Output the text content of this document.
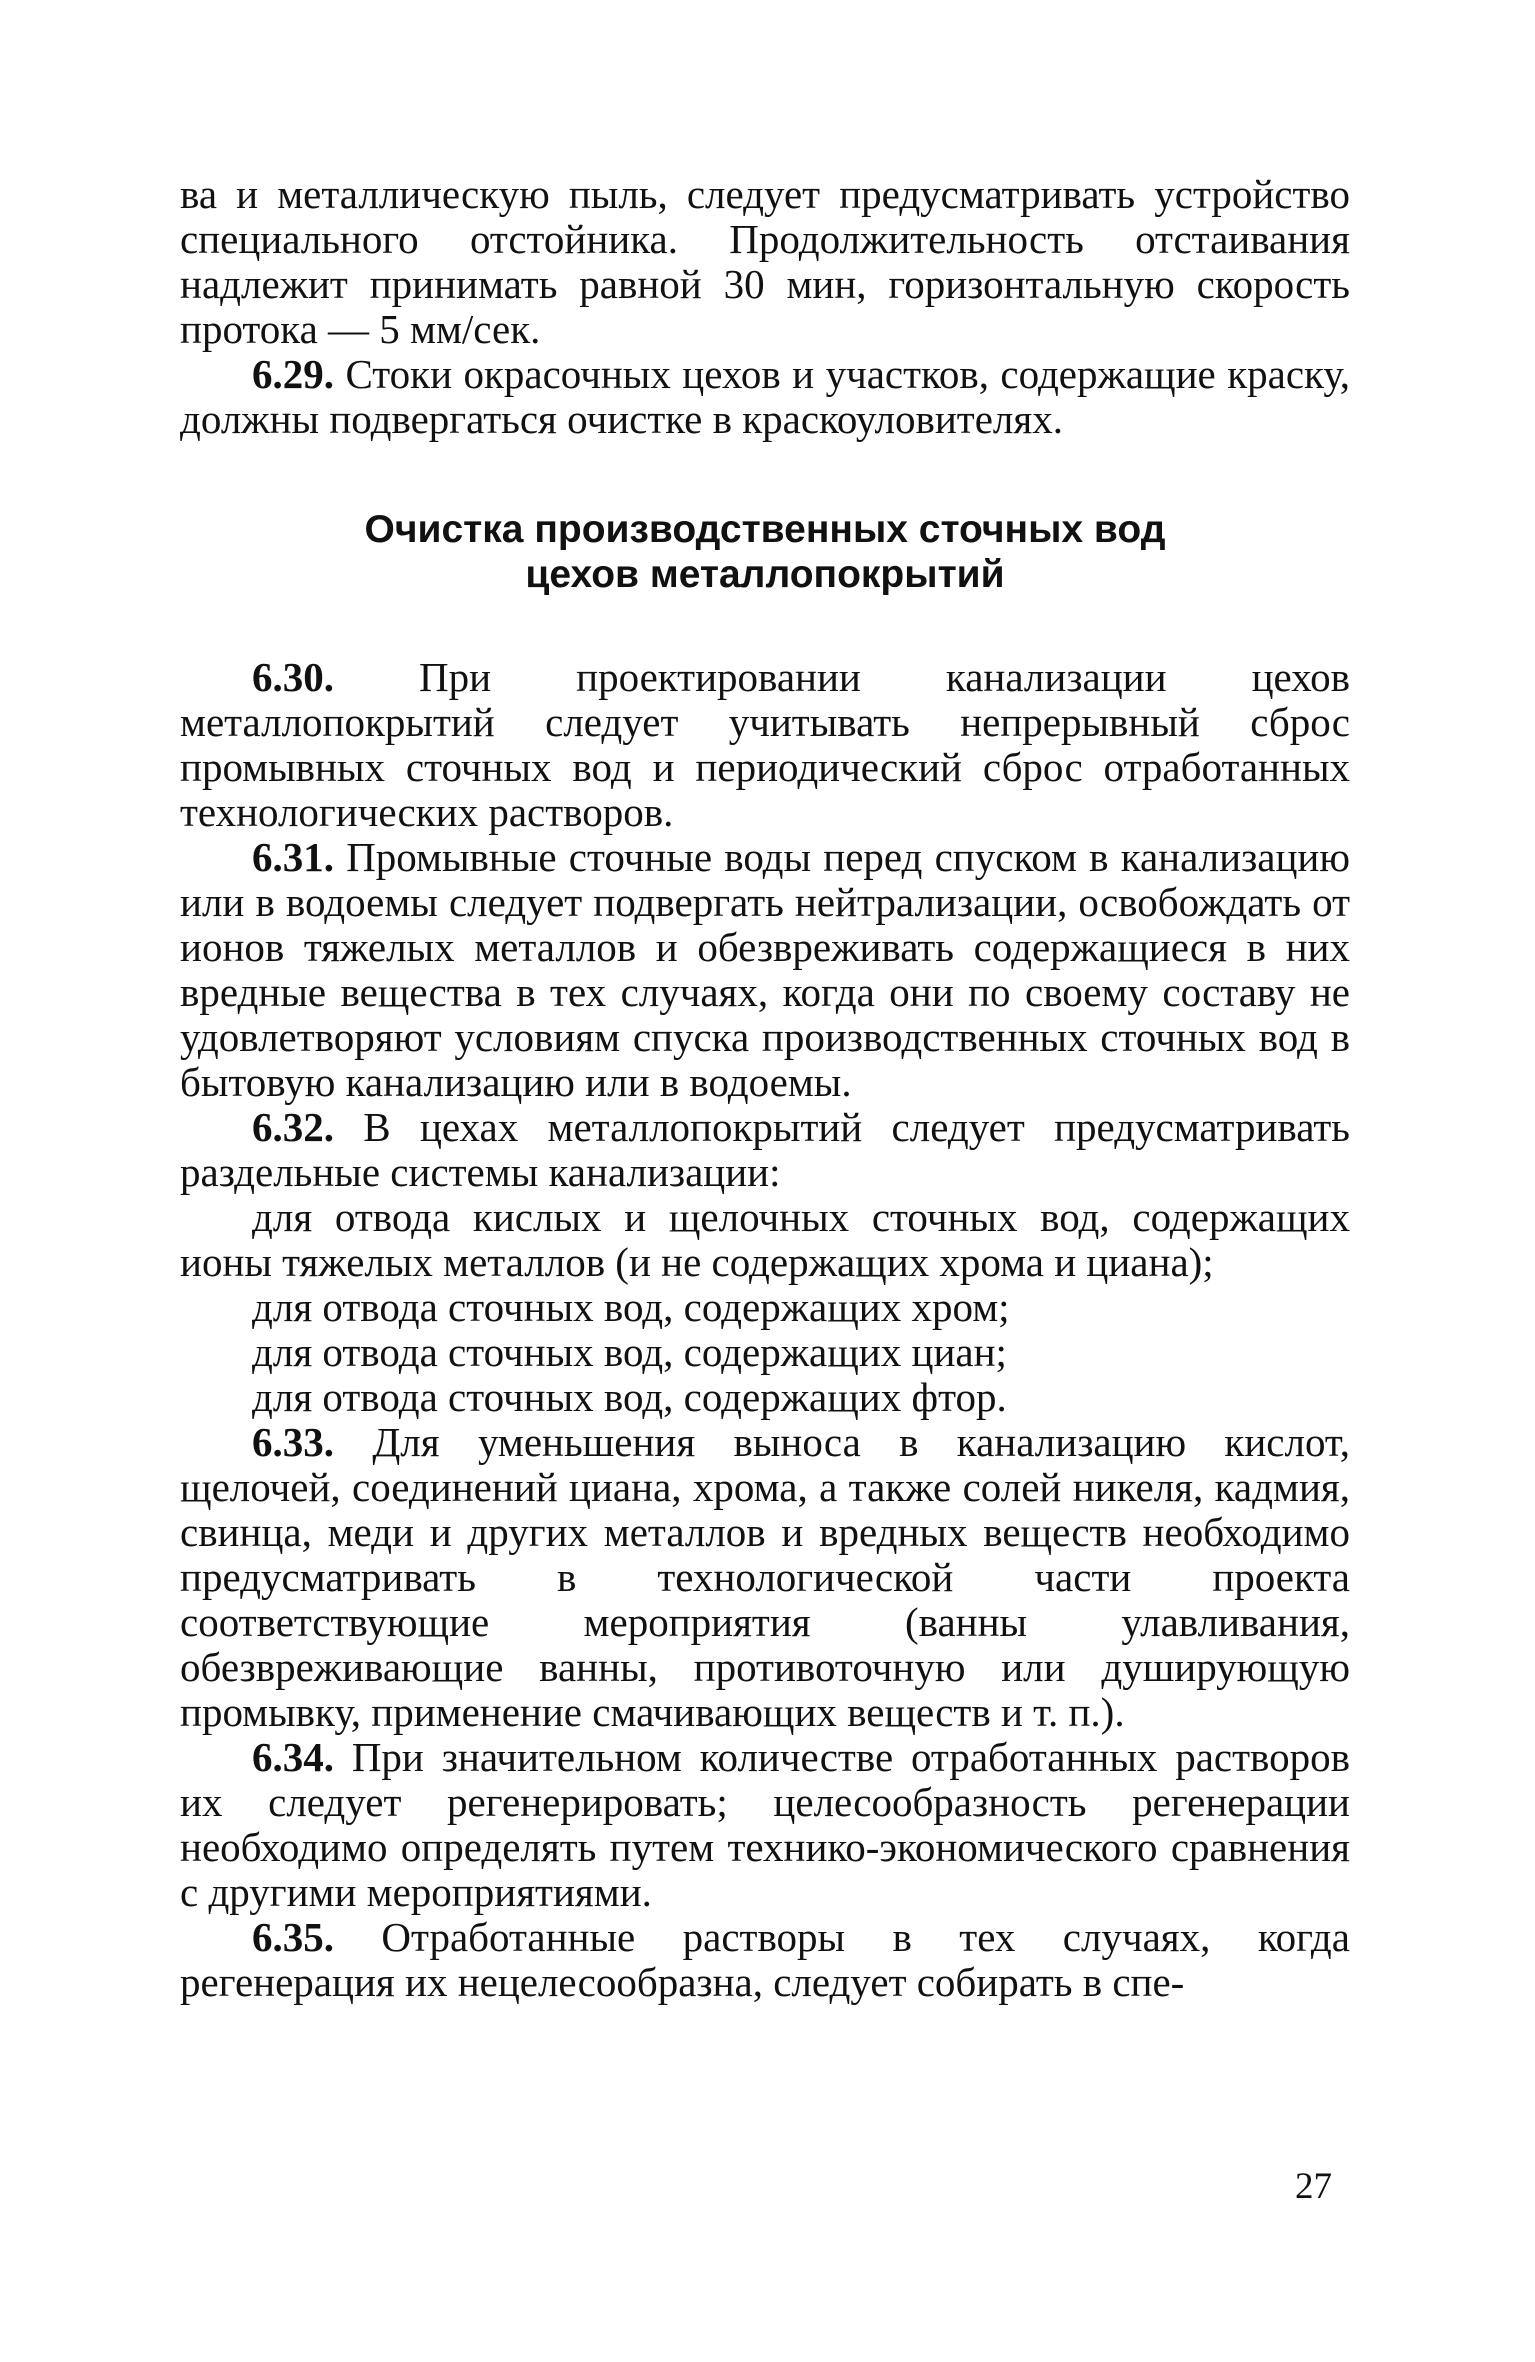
ва и металлическую пыль, следует предусматривать устройство специального отстойника. Продолжительность отстаивания надлежит принимать равной 30 мин, горизонтальную скорость протока — 5 мм/сек.

6.29. Стоки окрасочных цехов и участков, содержащие краску, должны подвергаться очистке в краскоуловителях.

Очистка производственных сточных вод
цехов металлопокрытий

6.30. При проектировании канализации цехов металлопокрытий следует учитывать непрерывный сброс промывных сточных вод и периодический сброс отработанных технологических растворов.

6.31. Промывные сточные воды перед спуском в канализацию или в водоемы следует подвергать нейтрализации, освобождать от ионов тяжелых металлов и обезвреживать содержащиеся в них вредные вещества в тех случаях, когда они по своему составу не удовлетворяют условиям спуска производственных сточных вод в бытовую канализацию или в водоемы.

6.32. В цехах металлопокрытий следует предусматривать раздельные системы канализации:

для отвода кислых и щелочных сточных вод, содержащих ионы тяжелых металлов (и не содержащих хрома и циана);

для отвода сточных вод, содержащих хром;

для отвода сточных вод, содержащих циан;

для отвода сточных вод, содержащих фтор.

6.33. Для уменьшения выноса в канализацию кислот, щелочей, соединений циана, хрома, а также солей никеля, кадмия, свинца, меди и других металлов и вредных веществ необходимо предусматривать в технологической части проекта соответствующие мероприятия (ванны улавливания, обезвреживающие ванны, противоточную или душирующую промывку, применение смачивающих веществ и т. п.).

6.34. При значительном количестве отработанных растворов их следует регенерировать; целесообразность регенерации необходимо определять путем технико-экономического сравнения с другими мероприятиями.

6.35. Отработанные растворы в тех случаях, когда регенерация их нецелесообразна, следует собирать в спе-

27
